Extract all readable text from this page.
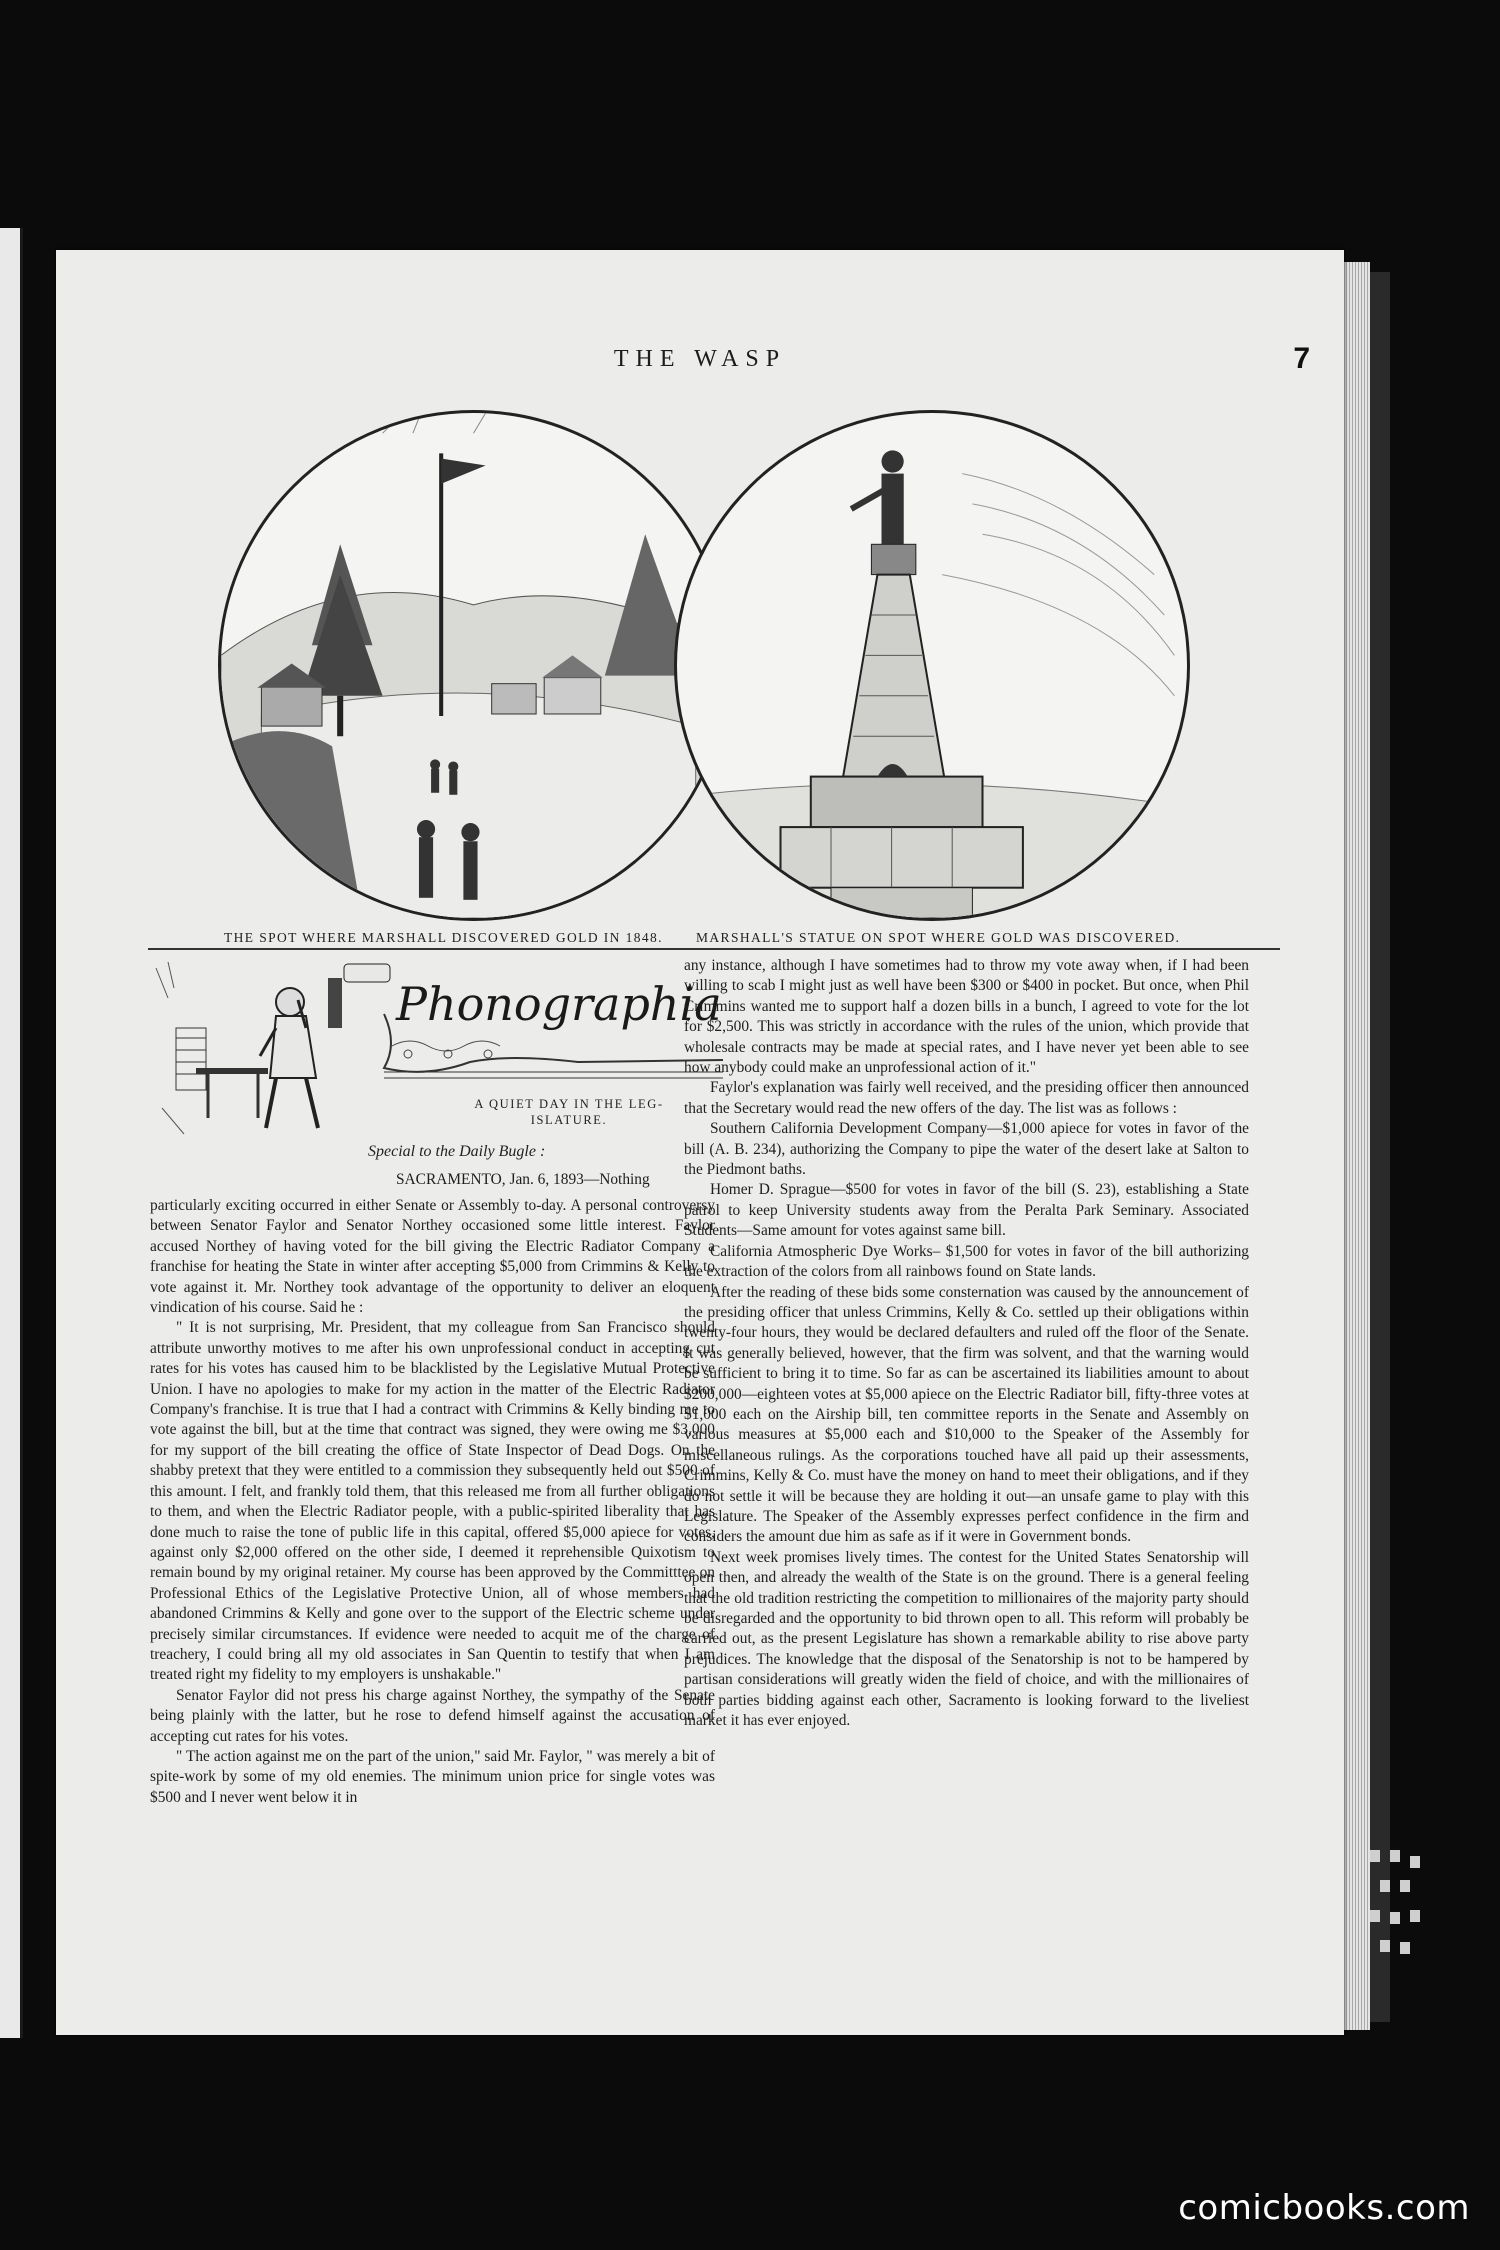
THE WASP	7
THE SPOT WHERE MARSHALL DISCOVERED GOLD IN 1848. MARSHALL'S STATUE ON SPOT WHERE GOLD WAS DISCOVERED.
Phonographia
A QUIET DAY IN THE LEG-
ISLATURE.
Special to the Daily Bugle :
SACRAMENTO, Jan. 6, 1893—Nothing

particularly exciting occurred in either Senate or Assembly to-day. A personal controversy between Senator Faylor and Senator Northey occasioned some little interest. Faylor accused Northey of having voted for the bill giving the Electric Radiator Company a franchise for heating the State in winter after accepting $5,000 from Crimmins & Kelly to vote against it. Mr. Northey took advantage of the opportunity to deliver an eloquent vindication of his course. Said he :

" It is not surprising, Mr. President, that my colleague from San Francisco should attribute unworthy motives to me after his own unprofessional conduct in accepting cut rates for his votes has caused him to be blacklisted by the Legislative Mutual Protective Union. I have no apologies to make for my action in the matter of the Electric Radiator Company's franchise. It is true that I had a contract with Crimmins & Kelly binding me to vote against the bill, but at the time that contract was signed, they were owing me $3,000 for my support of the bill creating the office of State Inspector of Dead Dogs. On the shabby pretext that they were entitled to a commission they subsequently held out $500 of this amount. I felt, and frankly told them, that this released me from all further obligations to them, and when the Electric Radiator people, with a public-spirited liberality that has done much to raise the tone of public life in this capital, offered $5,000 apiece for votes, against only $2,000 offered on the other side, I deemed it reprehensible Quixotism to remain bound by my original retainer. My course has been approved by the Committtee on Professional Ethics of the Legislative Protective Union, all of whose members had abandoned Crimmins & Kelly and gone over to the support of the Electric scheme under precisely similar circumstances. If evidence were needed to acquit me of the charge of treachery, I could bring all my old associates in San Quentin to testify that when I am treated right my fidelity to my employers is unshakable."

Senator Faylor did not press his charge against Northey, the sympathy of the Senate being plainly with the latter, but he rose to defend himself against the accusation of accepting cut rates for his votes.

" The action against me on the part of the union," said Mr. Faylor, " was merely a bit of spite-work by some of my old enemies. The minimum union price for single votes was $500 and I never went below it in

any instance, although I have sometimes had to throw my vote away when, if I had been willing to scab I might just as well have been $300 or $400 in pocket. But once, when Phil Crimmins wanted me to support half a dozen bills in a bunch, I agreed to vote for the lot for $2,500. This was strictly in accordance with the rules of the union, which provide that wholesale contracts may be made at special rates, and I have never yet been able to see how anybody could make an unprofessional action of it."

Faylor's explanation was fairly well received, and the presiding officer then announced that the Secretary would read the new offers of the day. The list was as follows :

Southern California Development Company—$1,000 apiece for votes in favor of the bill (A. B. 234), authorizing the Company to pipe the water of the desert lake at Salton to the Piedmont baths.

Homer D. Sprague—$500 for votes in favor of the bill (S. 23), establishing a State patrol to keep University students away from the Peralta Park Seminary. Associated Students—Same amount for votes against same bill.

California Atmospheric Dye Works– $1,500 for votes in favor of the bill authorizing the extraction of the colors from all rainbows found on State lands.

After the reading of these bids some consternation was caused by the announcement of the presiding officer that unless Crimmins, Kelly & Co. settled up their obligations within twenty-four hours, they would be declared defaulters and ruled off the floor of the Senate. It was generally believed, however, that the firm was solvent, and that the warning would be sufficient to bring it to time. So far as can be ascertained its liabilities amount to about $200,000—eighteen votes at $5,000 apiece on the Electric Radiator bill, fifty-three votes at $1,000 each on the Airship bill, ten committee reports in the Senate and Assembly on various measures at $5,000 each and $10,000 to the Speaker of the Assembly for miscellaneous rulings. As the corporations touched have all paid up their assessments, Crimmins, Kelly & Co. must have the money on hand to meet their obligations, and if they do not settle it will be because they are holding it out—an unsafe game to play with this Legislature. The Speaker of the Assembly expresses perfect confidence in the firm and considers the amount due him as safe as if it were in Government bonds.

Next week promises lively times. The contest for the United States Senatorship will open then, and already the wealth of the State is on the ground. There is a general feeling that the old tradition restricting the competition to millionaires of the majority party should be disregarded and the opportunity to bid thrown open to all. This reform will probably be carried out, as the present Legislature has shown a remarkable ability to rise above party prejudices. The knowledge that the disposal of the Senatorship is not to be hampered by partisan considerations will greatly widen the field of choice, and with the millionaires of both parties bidding against each other, Sacramento is looking forward to the liveliest market it has ever enjoyed.

comicbooks.com
